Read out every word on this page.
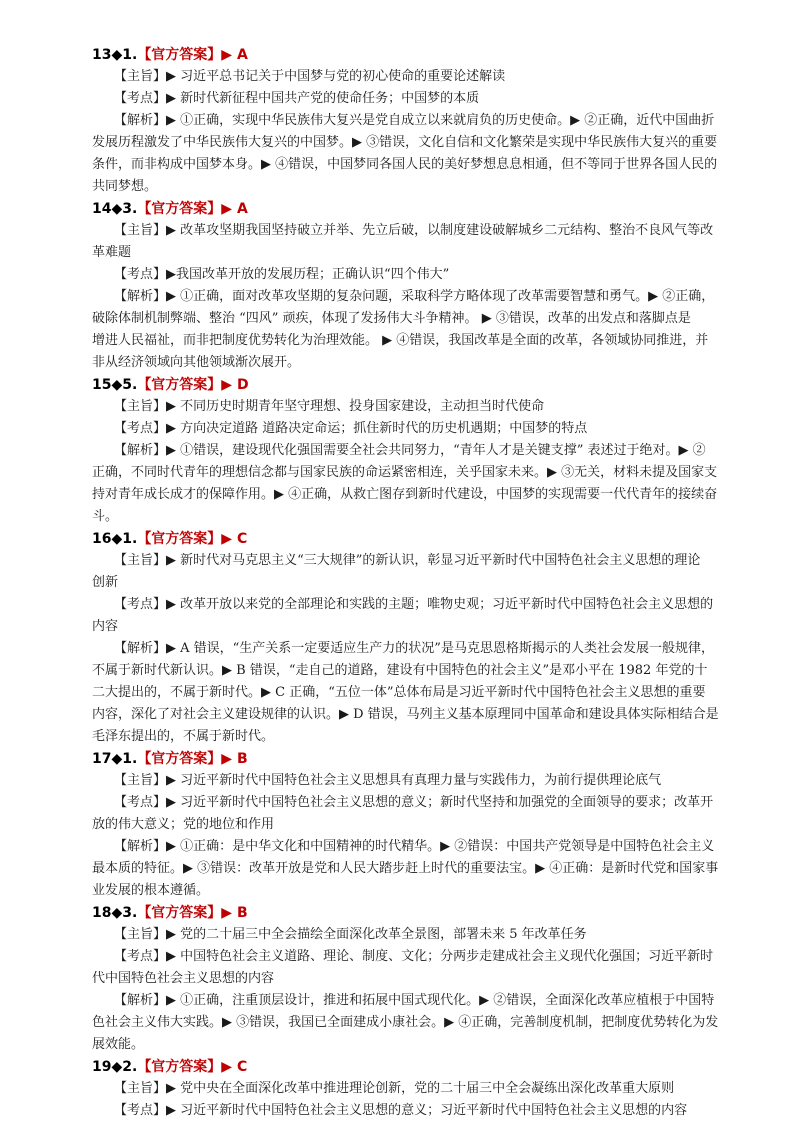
13◆1.【官方答案】▶ A

【主旨】▶ 习近平总书记关于中国梦与党的初心使命的重要论述解读

【考点】▶ 新时代新征程中国共产党的使命任务；中国梦的本质

【解析】▶ ①正确，实现中华民族伟大复兴是党自成立以来就肩负的历史使命。▶ ②正确，近代中国曲折

发展历程激发了中华民族伟大复兴的中国梦。▶ ③错误，文化自信和文化繁荣是实现中华民族伟大复兴的重要

条件，而非构成中国梦本身。▶ ④错误，中国梦同各国人民的美好梦想息息相通，但不等同于世界各国人民的

共同梦想。

14◆3.【官方答案】▶ A

【主旨】▶ 改革攻坚期我国坚持破立并举、先立后破，以制度建设破解城乡二元结构、整治不良风气等改

革难题

【考点】▶我国改革开放的发展历程；正确认识“四个伟大”

【解析】▶ ①正确，面对改革攻坚期的复杂问题，采取科学方略体现了改革需要智慧和勇气。▶ ②正确，

破除体制机制弊端、整治 “四风” 顽疾，体现了发扬伟大斗争精神。 ▶ ③错误，改革的出发点和落脚点是

增进人民福祉，而非把制度优势转化为治理效能。 ▶ ④错误，我国改革是全面的改革，各领域协同推进，并

非从经济领域向其他领域渐次展开。

15◆5.【官方答案】▶ D

【主旨】▶ 不同历史时期青年坚守理想、投身国家建设，主动担当时代使命

【考点】▶ 方向决定道路 道路决定命运；抓住新时代的历史机遇期；中国梦的特点

【解析】▶ ①错误，建设现代化强国需要全社会共同努力，“青年人才是关键支撑” 表述过于绝对。▶ ②

正确，不同时代青年的理想信念都与国家民族的命运紧密相连，关乎国家未来。▶ ③无关，材料未提及国家支

持对青年成长成才的保障作用。▶ ④正确，从救亡图存到新时代建设，中国梦的实现需要一代代青年的接续奋

斗。

16◆1.【官方答案】▶ C

【主旨】▶ 新时代对马克思主义“三大规律”的新认识，彰显习近平新时代中国特色社会主义思想的理论

创新

【考点】▶ 改革开放以来党的全部理论和实践的主题；唯物史观；习近平新时代中国特色社会主义思想的

内容

【解析】▶ A 错误，“生产关系一定要适应生产力的状况”是马克思恩格斯揭示的人类社会发展一般规律，

不属于新时代新认识。▶ B 错误，“走自己的道路，建设有中国特色的社会主义”是邓小平在 1982 年党的十

二大提出的，不属于新时代。▶ C 正确，“五位一体”总体布局是习近平新时代中国特色社会主义思想的重要

内容，深化了对社会主义建设规律的认识。▶ D 错误，马列主义基本原理同中国革命和建设具体实际相结合是

毛泽东提出的，不属于新时代。

17◆1.【官方答案】▶ B

【主旨】▶ 习近平新时代中国特色社会主义思想具有真理力量与实践伟力，为前行提供理论底气

【考点】▶ 习近平新时代中国特色社会主义思想的意义；新时代坚持和加强党的全面领导的要求；改革开

放的伟大意义；党的地位和作用

【解析】▶ ①正确：是中华文化和中国精神的时代精华。▶ ②错误：中国共产党领导是中国特色社会主义

最本质的特征。▶ ③错误：改革开放是党和人民大踏步赶上时代的重要法宝。▶ ④正确：是新时代党和国家事

业发展的根本遵循。

18◆3.【官方答案】▶ B

【主旨】▶ 党的二十届三中全会描绘全面深化改革全景图，部署未来 5 年改革任务

【考点】▶ 中国特色社会主义道路、理论、制度、文化；分两步走建成社会主义现代化强国；习近平新时

代中国特色社会主义思想的内容

【解析】▶ ①正确，注重顶层设计，推进和拓展中国式现代化。▶ ②错误，全面深化改革应植根于中国特

色社会主义伟大实践。▶ ③错误，我国已全面建成小康社会。▶ ④正确，完善制度机制，把制度优势转化为发

展效能。

19◆2.【官方答案】▶ C

【主旨】▶ 党中央在全面深化改革中推进理论创新，党的二十届三中全会凝练出深化改革重大原则

【考点】▶ 习近平新时代中国特色社会主义思想的意义；习近平新时代中国特色社会主义思想的内容
